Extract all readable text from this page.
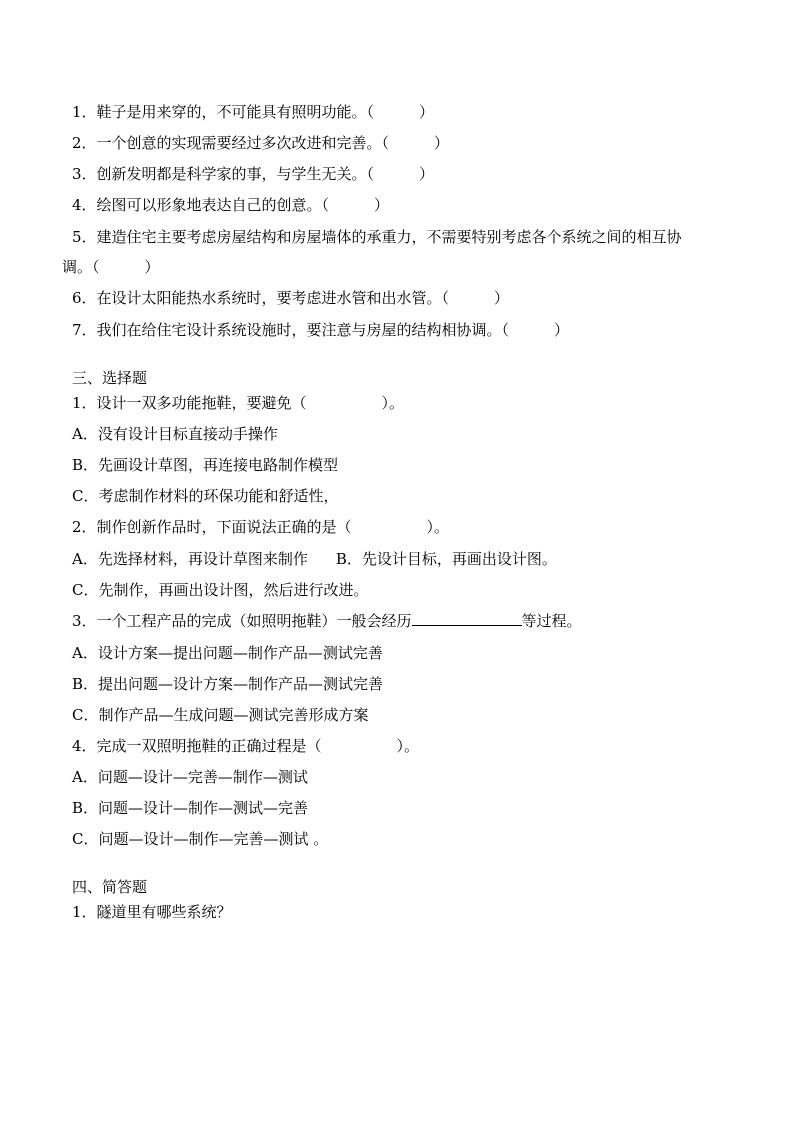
1．鞋子是用来穿的，不可能具有照明功能。（　　　）
2．一个创意的实现需要经过多次改进和完善。（　　　）
3．创新发明都是科学家的事，与学生无关。（　　　）
4．绘图可以形象地表达自己的创意。（　　　）
5．建造住宅主要考虑房屋结构和房屋墙体的承重力，不需要特别考虑各个系统之间的相互协
调。（　　　）
6．在设计太阳能热水系统时，要考虑进水管和出水管。（　　　）
7．我们在给住宅设计系统设施时，要注意与房屋的结构相协调。（　　　）
三、选择题
1．设计一双多功能拖鞋，要避免（　　　　　）。
A．没有设计目标直接动手操作
B．先画设计草图，再连接电路制作模型
C．考虑制作材料的环保功能和舒适性，
2．制作创新作品时，下面说法正确的是（　　　　　）。
A．先选择材料，再设计草图来制作 B．先设计目标，再画出设计图。
C．先制作，再画出设计图，然后进行改进。
3．一个工程产品的完成（如照明拖鞋）一般会经历	等过程。
A．设计方案—提出问题—制作产品—测试完善
B．提出问题—设计方案—制作产品—测试完善
C．制作产品—生成问题—测试完善形成方案
4．完成一双照明拖鞋的正确过程是（　　　　　）。
A．问题—设计—完善—制作—测试
B．问题—设计—制作—测试—完善
C．问题—设计—制作—完善—测试 。
四、简答题
1．隧道里有哪些系统？
